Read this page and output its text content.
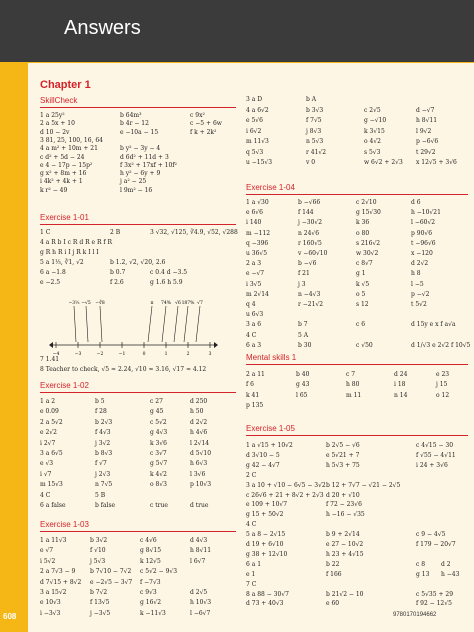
Answers
608	9780170194662
Chapter 1
SkillCheck
1 a 25y²	b 64m³	c 9x²
2 a 5x + 10	b 4r − 12	c −5 + 6w
d 10 − 2v	e −10a − 15	f k + 2k²
3 81, 25, 100, 16, 64
4 a m² + 10m + 21	b y² − 3y − 4
c d² + 5d − 24	d 6d² + 11d + 3
e 4 − 17p − 15p²	f 3x² + 17xf + 10f²
g x² + 8m + 16	h y² − 6y + 9
i 4k² + 4k + 1	j a² − 25
k r² − 49	l 9m² − 16
Exercise 1-01
1 C	2 B	3 √32, √125, ∛4.9, √52, √288
4 a R b I c R d R e R f R
g R h R i I j R k I l I
5 a 1⅓, ∛1, √2	b 1.2, √2, √20, 2.6
6 a −1.8	b 0.7	c 0.4 d −3.5
e −2.5	f 2.6	g 1.6 h 5.9
7 1.41
8 Teacher to check, √5 ≈ 2.24, √10 ≈ 3.16, √17 ≈ 4.12
−4	−3	−2	−1	0	1	2	3
−3⅓ −√5 −∛8	π 74% √6 187% √7
Exercise 1-02
1 a 2	b 5	c 27	d 250
e 0.09	f 28	g 45	h 50
2 a 5√2	b 2√3	c 5√2	d 2√2
e 2√2	f 4√3	g 4√3	h 4√6
i 2√7	j 3√2	k 3√6	l 2√14
3 a 6√5	b 8√3	c 3√7	d 5√10
e √3	f √7	g 5√7	h 6√3
i √7	j 2√3	k 4√2	l 3√6
m 15√3	n 7√5	o 8√3	p 10√3
4 C	5 B
6 a false	b false	c true	d true
Exercise 1-03
1 a 11√3	b 3√2	c 4√6	d 4√3
e √7	f √10	g 8√15	h 8√11
i 5√2	j 5√3	k 12√5	l 6√7
2 a 7√3 − 9 b 7√10 − 7√2 c 5√2 − 9√3
d 7√15 + 8√2 e −2√5 − 3√7 f −7√3
3 a 15√2	b 7√2	c 9√3	d 2√5
e 10√3	f 13√5	g 16√2	h 10√3
i −3√3	j −3√5	k −11√3	l −6√7
3 a D	b A
4 a 6√2	b 3√3	c 2√5	d −√7
e 5√6	f 7√5	g −√10	h 8√11
i 6√2	j 8√3	k 3√15	l 9√2
m 11√3	n 5√3	o 4√2	p −6√6
q 5√3	r 41√2	s 5√3	t 29√2
u −15√3	v 0	w 6√2 + 2√3 x 12√5 + 3√6
Exercise 1-04
1 a √30	b −√66	c 2√10	d 6
e 6√6	f 144	g 15√30	h −10√21
i 140	j −30√2	k 36	l −60√2
m −112	n 24√6	o 80	p 90√6
q −396	r 160√5	s 216√2	t −96√6
u 36√5	v −60√10	w 30√2	x −120
2 a 3	b −√6	c 8√7	d 2√2
e −√7	f 21	g 1	h 8
i 3√5	j 3	k √5	l −5
m 2√14	n −4√3	o 5	p −√2
q 4	r −21√2	s 12	t 5√2
u 6√3
3 a 6	b 7	c 6	d 15y e x f a√a
4 C	5 A
6 a 3	b 30	c √50	d 1/√3 e 2√2 f 10√5
Mental skills 1
2 a 11	b 40	c 7	d 24	e 23
f 6	g 43	h 80	i 18	j 15
k 41	l 65	m 11	n 14	o 12
p 135
Exercise 1-05
1 a √15 + 10√2	b 2√5 − √6	c 4√15 − 30
d 3√10 − 5	e 5√21 + 7	f √55 − 4√11
g 42 − 4√7	h 5√3 + 75	i 24 + 3√6
2 C
3 a 10 + √10 − 6√5 − 3√2 b 12 + 7√7 − √21 − 2√5
c 26√6 + 21 + 8√2 + 2√3 d 20 + √10
e 109 + 10√7	f 72 − 23√6
g 15 + 50√2	h −16 − √35
4 C
5 a 8 − 2√15	b 9 + 2√14	c 9 − 4√5
d 19 + 6√10	e 27 − 10√2	f 179 − 20√7
g 38 + 12√10	h 23 + 4√15
6 a 1	b 22	c 8	d 2
e 1	f 166	g 13 h −43
7 C
8 a 88 − 30√7	b 21√2 − 10	c 5√35 + 29
d 73 + 40√3	e 60	f 92 − 12√5
